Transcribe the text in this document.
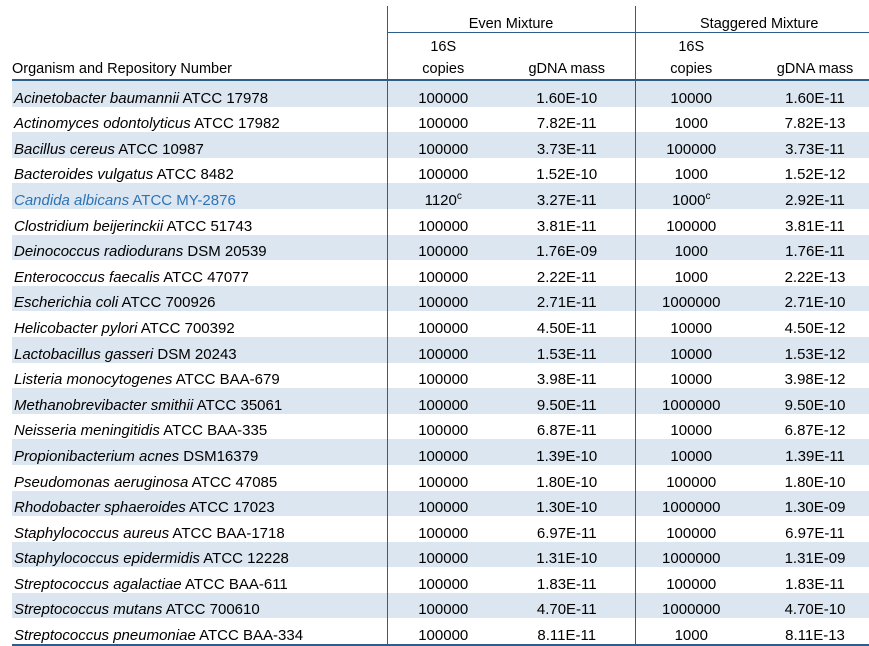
	Even Mixture		Staggered Mixture	
	16S		16S	
Organism and Repository Number	copies	gDNA mass	copies	gDNA mass
Acinetobacter baumannii ATCC 17978	100000	1.60E-10	10000	1.60E-11
Actinomyces odontolyticus ATCC 17982	100000	7.82E-11	1000	7.82E-13
Bacillus cereus ATCC 10987	100000	3.73E-11	100000	3.73E-11
Bacteroides vulgatus ATCC 8482	100000	1.52E-10	1000	1.52E-12
Candida albicans ATCC MY-2876	1120$^c$	3.27E-11	1000$^c$	2.92E-11
Clostridium beijerinckii ATCC 51743	100000	3.81E-11	100000	3.81E-11
Deinococcus radiodurans DSM 20539	100000	1.76E-09	1000	1.76E-11
Enterococcus faecalis ATCC 47077	100000	2.22E-11	1000	2.22E-13
Escherichia coli ATCC 700926	100000	2.71E-11	1000000	2.71E-10
Helicobacter pylori ATCC 700392	100000	4.50E-11	10000	4.50E-12
Lactobacillus gasseri DSM 20243	100000	1.53E-11	10000	1.53E-12
Listeria monocytogenes ATCC BAA-679	100000	3.98E-11	10000	3.98E-12
Methanobrevibacter smithii ATCC 35061	100000	9.50E-11	1000000	9.50E-10
Neisseria meningitidis ATCC BAA-335	100000	6.87E-11	10000	6.87E-12
Propionibacterium acnes DSM16379	100000	1.39E-10	10000	1.39E-11
Pseudomonas aeruginosa ATCC 47085	100000	1.80E-10	100000	1.80E-10
Rhodobacter sphaeroides ATCC 17023	100000	1.30E-10	1000000	1.30E-09
Staphylococcus aureus ATCC BAA-1718	100000	6.97E-11	100000	6.97E-11
Staphylococcus epidermidis ATCC 12228	100000	1.31E-10	1000000	1.31E-09
Streptococcus agalactiae ATCC BAA-611	100000	1.83E-11	100000	1.83E-11
Streptococcus mutans ATCC 700610	100000	4.70E-11	1000000	4.70E-10
Streptococcus pneumoniae ATCC BAA-334	100000	8.11E-11	1000	8.11E-13
